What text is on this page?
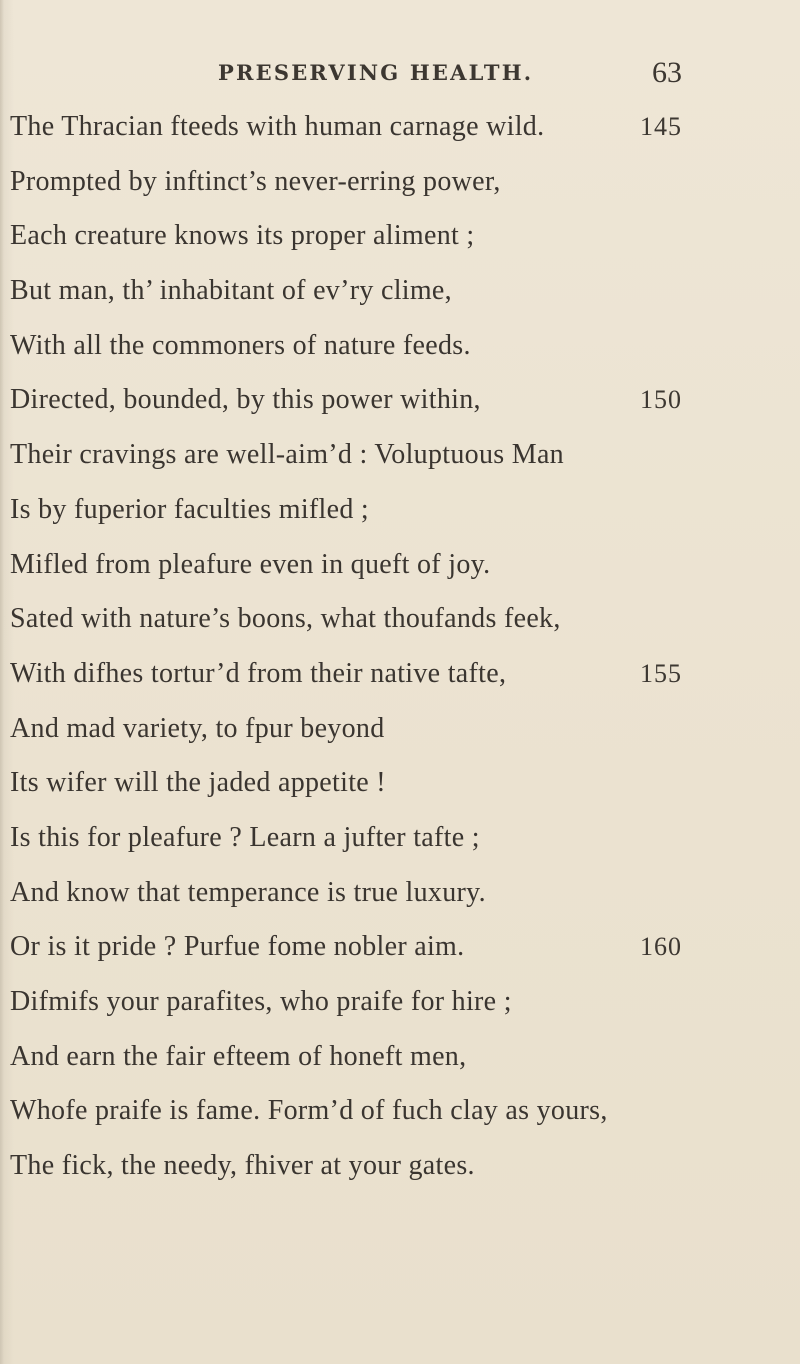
PRESERVING HEALTH.	63
The Thracian fteeds with human carnage wild.	145
Prompted by inftinct’s never-erring power,
Each creature knows its proper aliment ;
But man, th’ inhabitant of ev’ry clime,
With all the commoners of nature feeds.
Directed, bounded, by this power within,	150
Their cravings are well-aim’d : Voluptuous Man
Is by fuperior faculties mifled ;
Mifled from pleafure even in queft of joy.
Sated with nature’s boons, what thoufands feek,
With difhes tortur’d from their native tafte,	155
And mad variety, to fpur beyond
Its wifer will the jaded appetite !
Is this for pleafure ? Learn a jufter tafte ;
And know that temperance is true luxury.
Or is it pride ? Purfue fome nobler aim.	160
Difmifs your parafites, who praife for hire ;
And earn the fair efteem of honeft men,
Whofe praife is fame. Form’d of fuch clay as yours,
The fick, the needy, fhiver at your gates.
